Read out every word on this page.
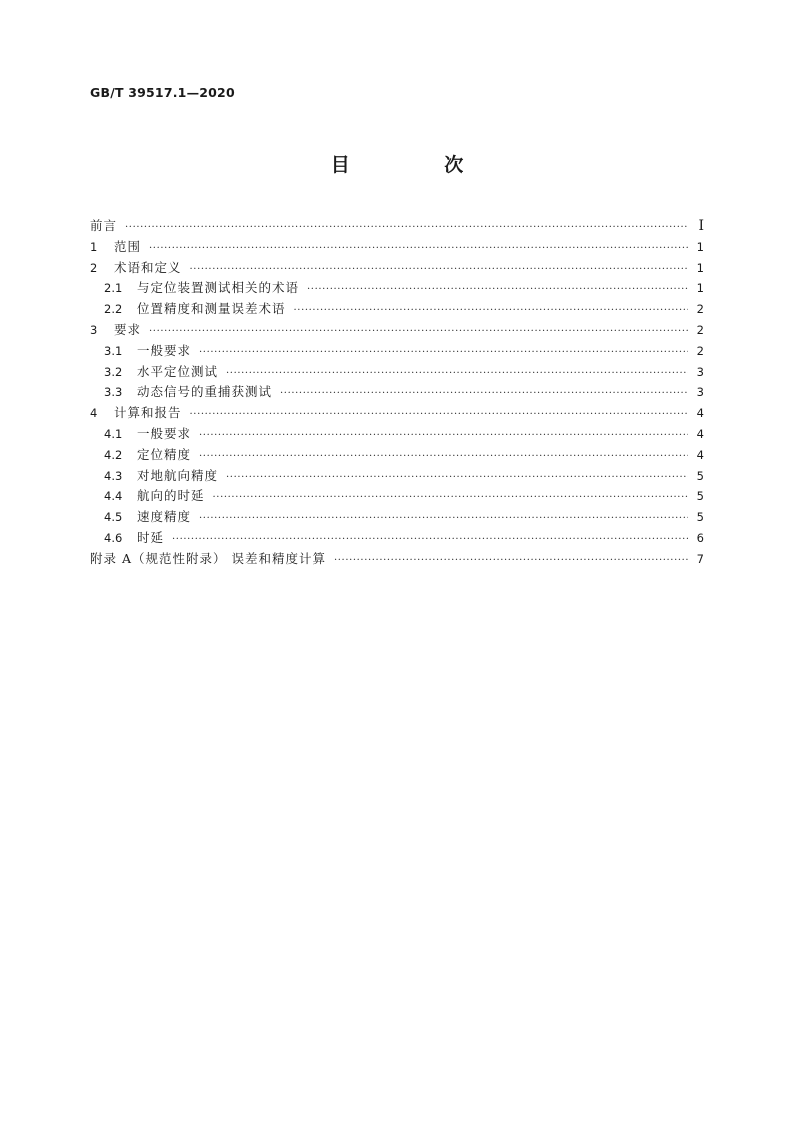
GB/T 39517.1—2020

目 次
前言 ·····	Ⅰ
1	范围 ·····	1
2	术语和定义 ·····	1
2.1	与定位装置测试相关的术语 ·····	1
2.2	位置精度和测量误差术语 ·····	2
3	要求 ·····	2
3.1	一般要求 ·····	2
3.2	水平定位测试 ·····	3
3.3	动态信号的重捕获测试 ·····	3
4	计算和报告 ·····	4
4.1	一般要求 ·····	4
4.2	定位精度 ·····	4
4.3	对地航向精度 ·····	5
4.4	航向的时延 ·····	5
4.5	速度精度 ·····	5
4.6	时延 ·····	6
附录 A（规范性附录） 误差和精度计算 ·····	7
